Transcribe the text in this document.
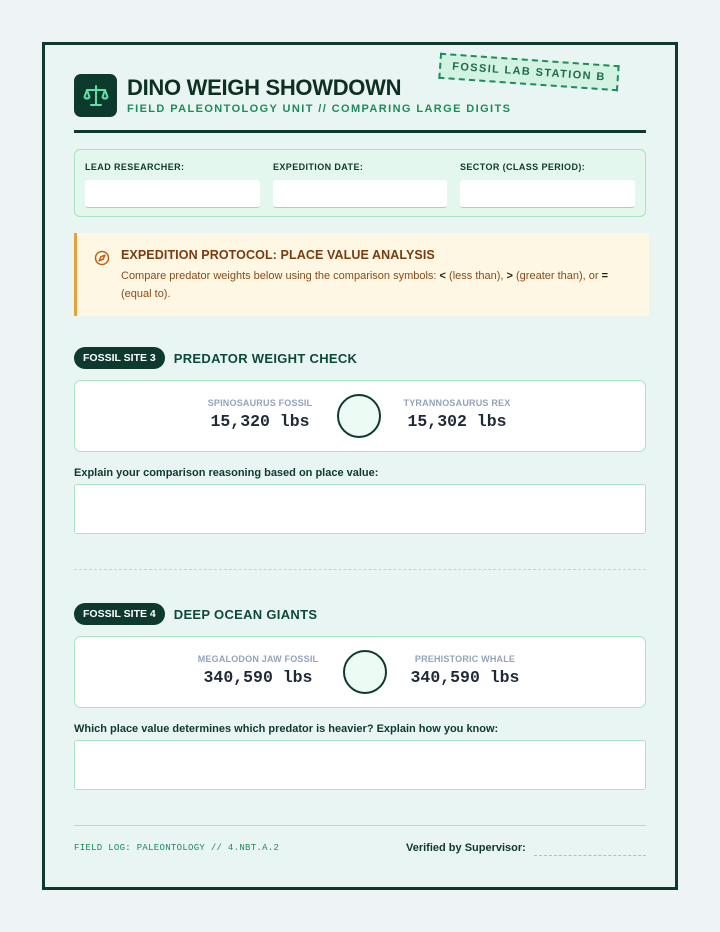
FOSSIL LAB STATION B
DINO WEIGH SHOWDOWN
FIELD PALEONTOLOGY UNIT // COMPARING LARGE DIGITS
LEAD RESEARCHER:	EXPEDITION DATE:	SECTOR (CLASS PERIOD):
EXPEDITION PROTOCOL: PLACE VALUE ANALYSIS
Compare predator weights below using the comparison symbols: < (less than), > (greater than), or = (equal to).
FOSSIL SITE 3	PREDATOR WEIGHT CHECK
SPINOSAURUS FOSSIL
15,320 lbs
TYRANNOSAURUS REX
15,302 lbs
Explain your comparison reasoning based on place value:
FOSSIL SITE 4	DEEP OCEAN GIANTS
MEGALODON JAW FOSSIL
340,590 lbs
PREHISTORIC WHALE
340,590 lbs
Which place value determines which predator is heavier? Explain how you know:
FIELD LOG: PALEONTOLOGY // 4.NBT.A.2	Verified by Supervisor:
